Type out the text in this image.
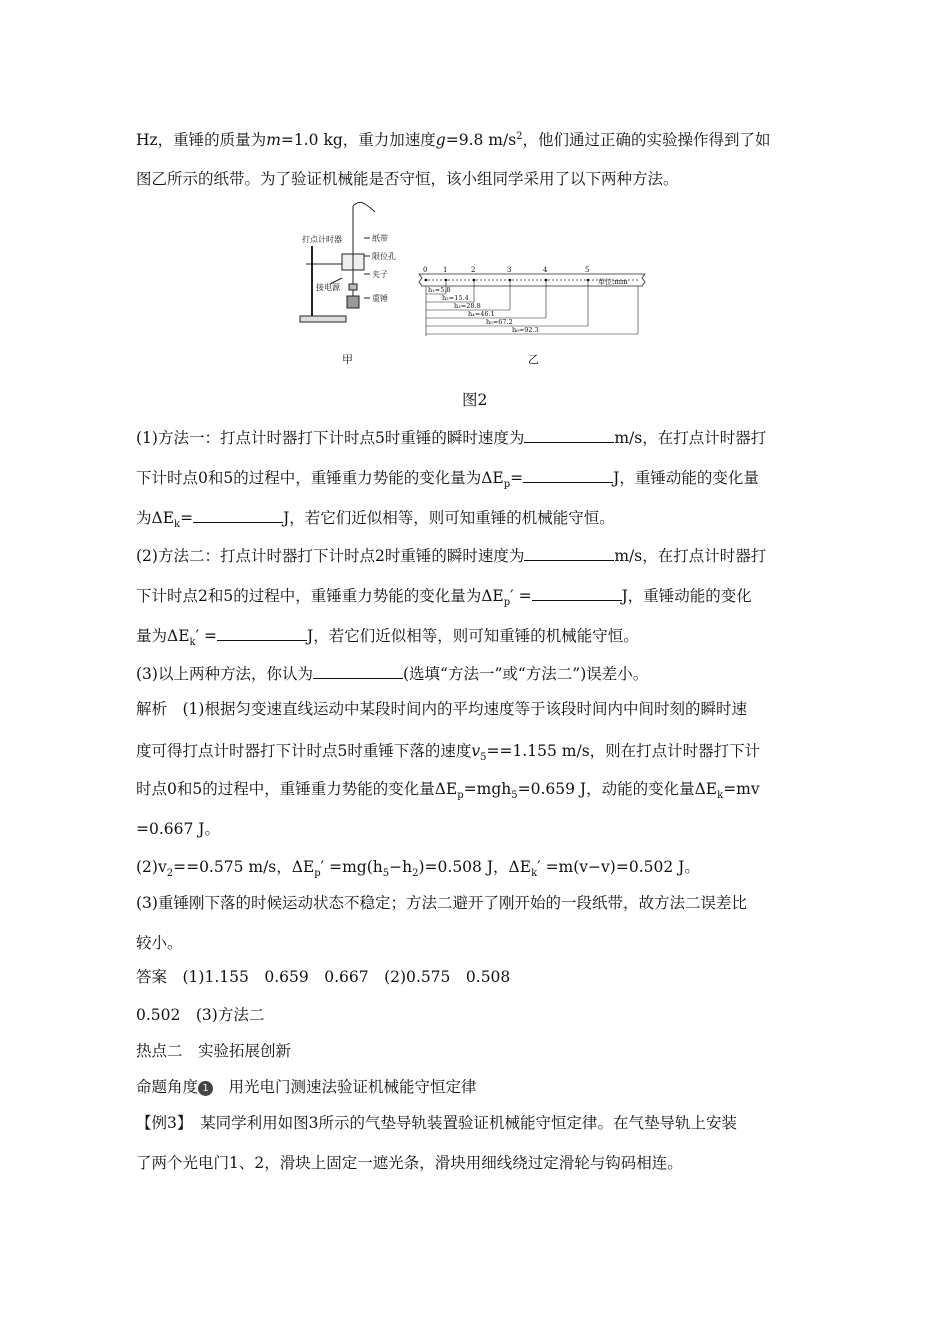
Hz，重锤的质量为m=1.0 kg，重力加速度g=9.8 $m/s^2$，他们通过正确的实验操作得到了如
图乙所示的纸带。为了验证机械能是否守恒，该小组同学采用了以下两种方法。
打点计时器	纸带
限位孔
夹子
接电源
重锤
甲
0 1	2	3	4	5
单位:mm
h₁=5.8
h₂=15.4
h₃=28.8
h₄=46.1
h₅=67.2
h₆=92.3
乙
图2
(1)方法一：打点计时器打下计时点5时重锤的瞬时速度为	m/s，在打点计时器打
下计时点0和5的过程中，重锤重力势能的变化量为$\Delta E_p=$	J，重锤动能的变化量
为$\Delta E_k=$	J，若它们近似相等，则可知重锤的机械能守恒。
(2)方法二：打点计时器打下计时点2时重锤的瞬时速度为	m/s，在打点计时器打
下计时点2和5的过程中，重锤重力势能的变化量为$\Delta E_p'$ =	J，重锤动能的变化
量为$\Delta E_k'$ =	J，若它们近似相等，则可知重锤的机械能守恒。
(3)以上两种方法，你认为	(选填“方法一”或“方法二”)误差小。
解析　(1)根据匀变速直线运动中某段时间内的平均速度等于该段时间内中间时刻的瞬时速
度可得打点计时器打下计时点5时重锤下落的速度$v_5==1.155$ m/s，则在打点计时器打下计
时点0和5的过程中，重锤重力势能的变化量$\Delta E_p=mgh_5=0.659$ J，动能的变化量$\Delta E_k=mv$
=0.667 J。
$(2)v_2==0.575$ m/s，$\Delta E_p' =mg(h_5-h_2)=0.508$ J，$\Delta E_k' =m(v-v)=0.502$ J。
(3)重锤刚下落的时候运动状态不稳定；方法二避开了刚开始的一段纸带，故方法二误差比
较小。
答案　(1)1.155　0.659　0.667　(2)0.575　0.508
0.502　(3)方法二
热点二　实验拓展创新
命题角度 1　用光电门测速法验证机械能守恒定律
【例3】　某同学利用如图3所示的气垫导轨装置验证机械能守恒定律。在气垫导轨上安装
了两个光电门1、2，滑块上固定一遮光条，滑块用细线绕过定滑轮与钩码相连。
